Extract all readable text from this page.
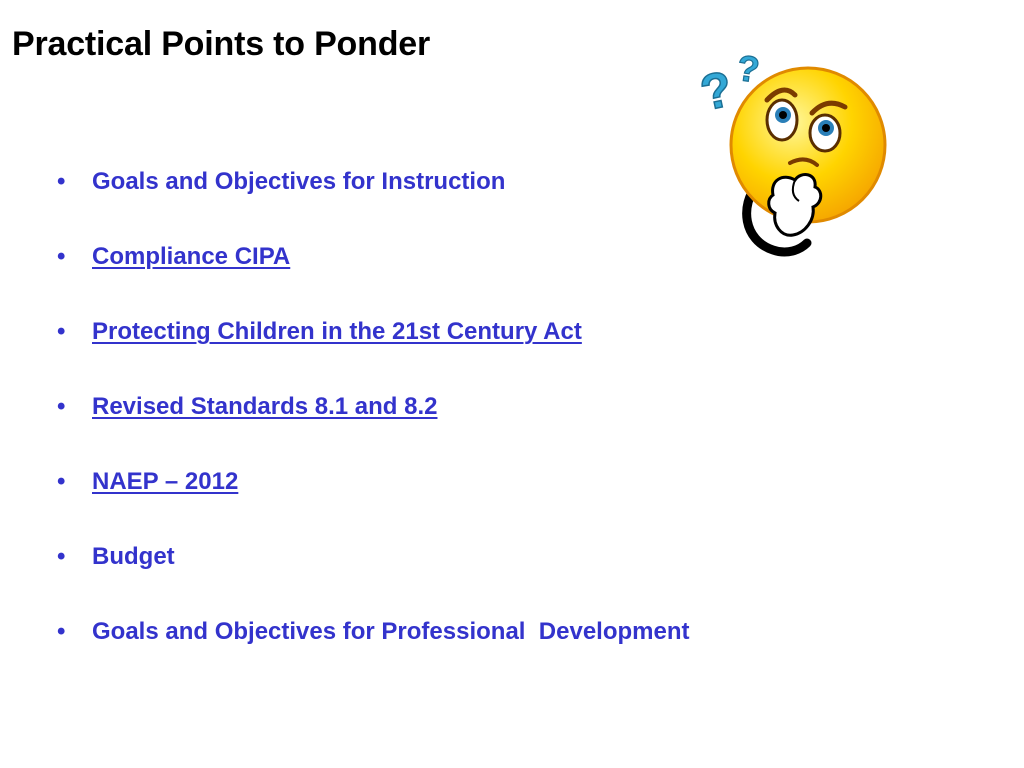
Practical Points to Ponder

•

	Goals and Objectives for Instruction

•

	Compliance CIPA

•

	Protecting Children in the 21st Century Act

•

	Revised Standards 8.1 and 8.2

•

	NAEP – 2012

•

	Budget

•

	Goals and Objectives for Professional  Development

?
?
